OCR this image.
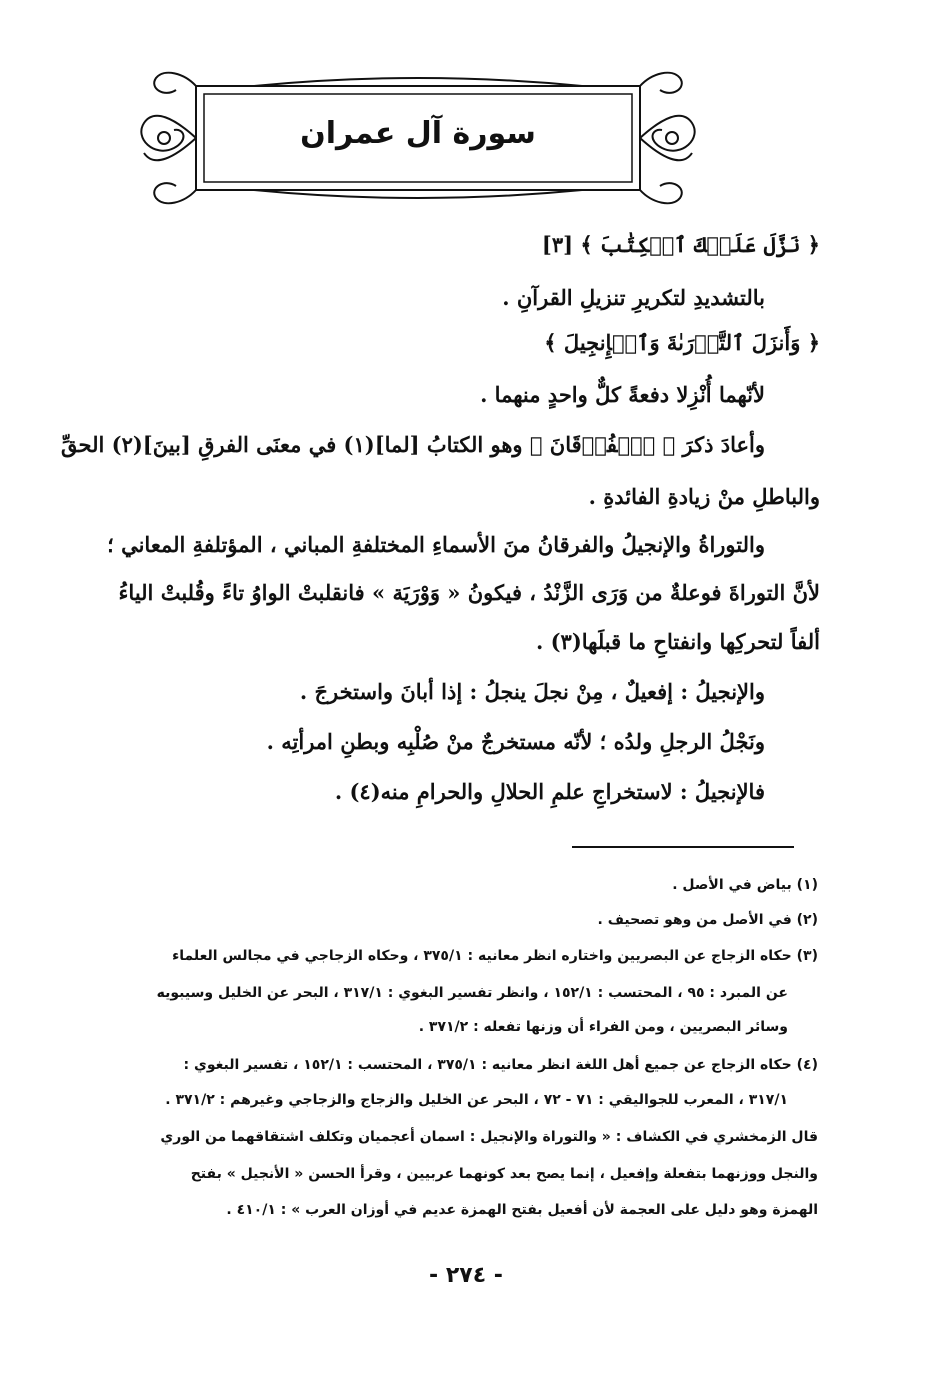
سورة آل عمران
﴿ نَزَّلَ عَلَيۡكَ ٱلۡكِتَٰبَ ﴾ [٣]
بالتشديدِ لتكريرِ تنزيلِ القرآنِ .
﴿ وَأَنزَلَ ٱلتَّوۡرَىٰةَ وَٱلۡإِنجِيلَ ﴾
لأنّهما أُنْزِلا دفعةً كلٌّ واحدٍ منهما .
وأعادَ ذكرَ ﴿ ٱلۡفُرۡقَانَ ﴾ وهو الكتابُ [لما](١) في معنَى الفرقِ [بينَ](٢) الحقِّ
والباطلِ منْ زيادةِ الفائدةِ .
والتوراةُ والإنجيلُ والفرقانُ منَ الأسماءِ المختلفةِ المباني ، المؤتلفةِ المعاني ؛
لأنَّ التوراةَ فوعلةٌ من وَرَى الزَّنْدُ ، فيكونُ « وَوْرَيَة » فانقلبتْ الواوُ تاءً وقُلبتْ الياءُ
ألفاً لتحركِها وانفتاحِ ما قبلَها(٣) .
والإنجيلُ : إفعيلٌ ، مِنْ نجلَ ينجلُ : إذا أبانَ واستخرجَ .
ونَجْلُ الرجلِ ولدُه ؛ لأنّه مستخرجٌ منْ صُلْبِه وبطنِ امرأتِه .
فالإنجيلُ : لاستخراجِ علمِ الحلالِ والحرامِ منه(٤) .
(١) بياض في الأصل .
(٢) في الأصل من وهو تصحيف .
(٣) حكاه الزجاج عن البصريين واختاره انظر معانيه : ٣٧٥/١ ، وحكاه الزجاجي في مجالس العلماء
عن المبرد : ٩٥ ، المحتسب : ١٥٢/١ ، وانظر تفسير البغوي : ٣١٧/١ ، البحر عن الخليل وسيبويه
وسائر البصريين ، ومن الفراء أن وزنها تفعله : ٣٧١/٢ .
(٤) حكاه الزجاج عن جميع أهل اللغة انظر معانيه : ٣٧٥/١ ، المحتسب : ١٥٢/١ ، تفسير البغوي :
٣١٧/١ ، المعرب للجواليقي : ٧١ - ٧٢ ، البحر عن الخليل والزجاج والزجاجي وغيرهم : ٣٧١/٢ .
قال الزمخشري في الكشاف : « والتوراة والإنجيل : اسمان أعجميان وتكلف اشتقاقهما من الوري
والنجل ووزنهما بتفعلة وإفعيل ، إنما يصح بعد كونهما عربيين ، وقرأ الحسن « الأنجيل » بفتح
الهمزة وهو دليل على العجمة لأن أفعيل بفتح الهمزة عديم في أوزان العرب » : ٤١٠/١ .
- ٢٧٤ -
